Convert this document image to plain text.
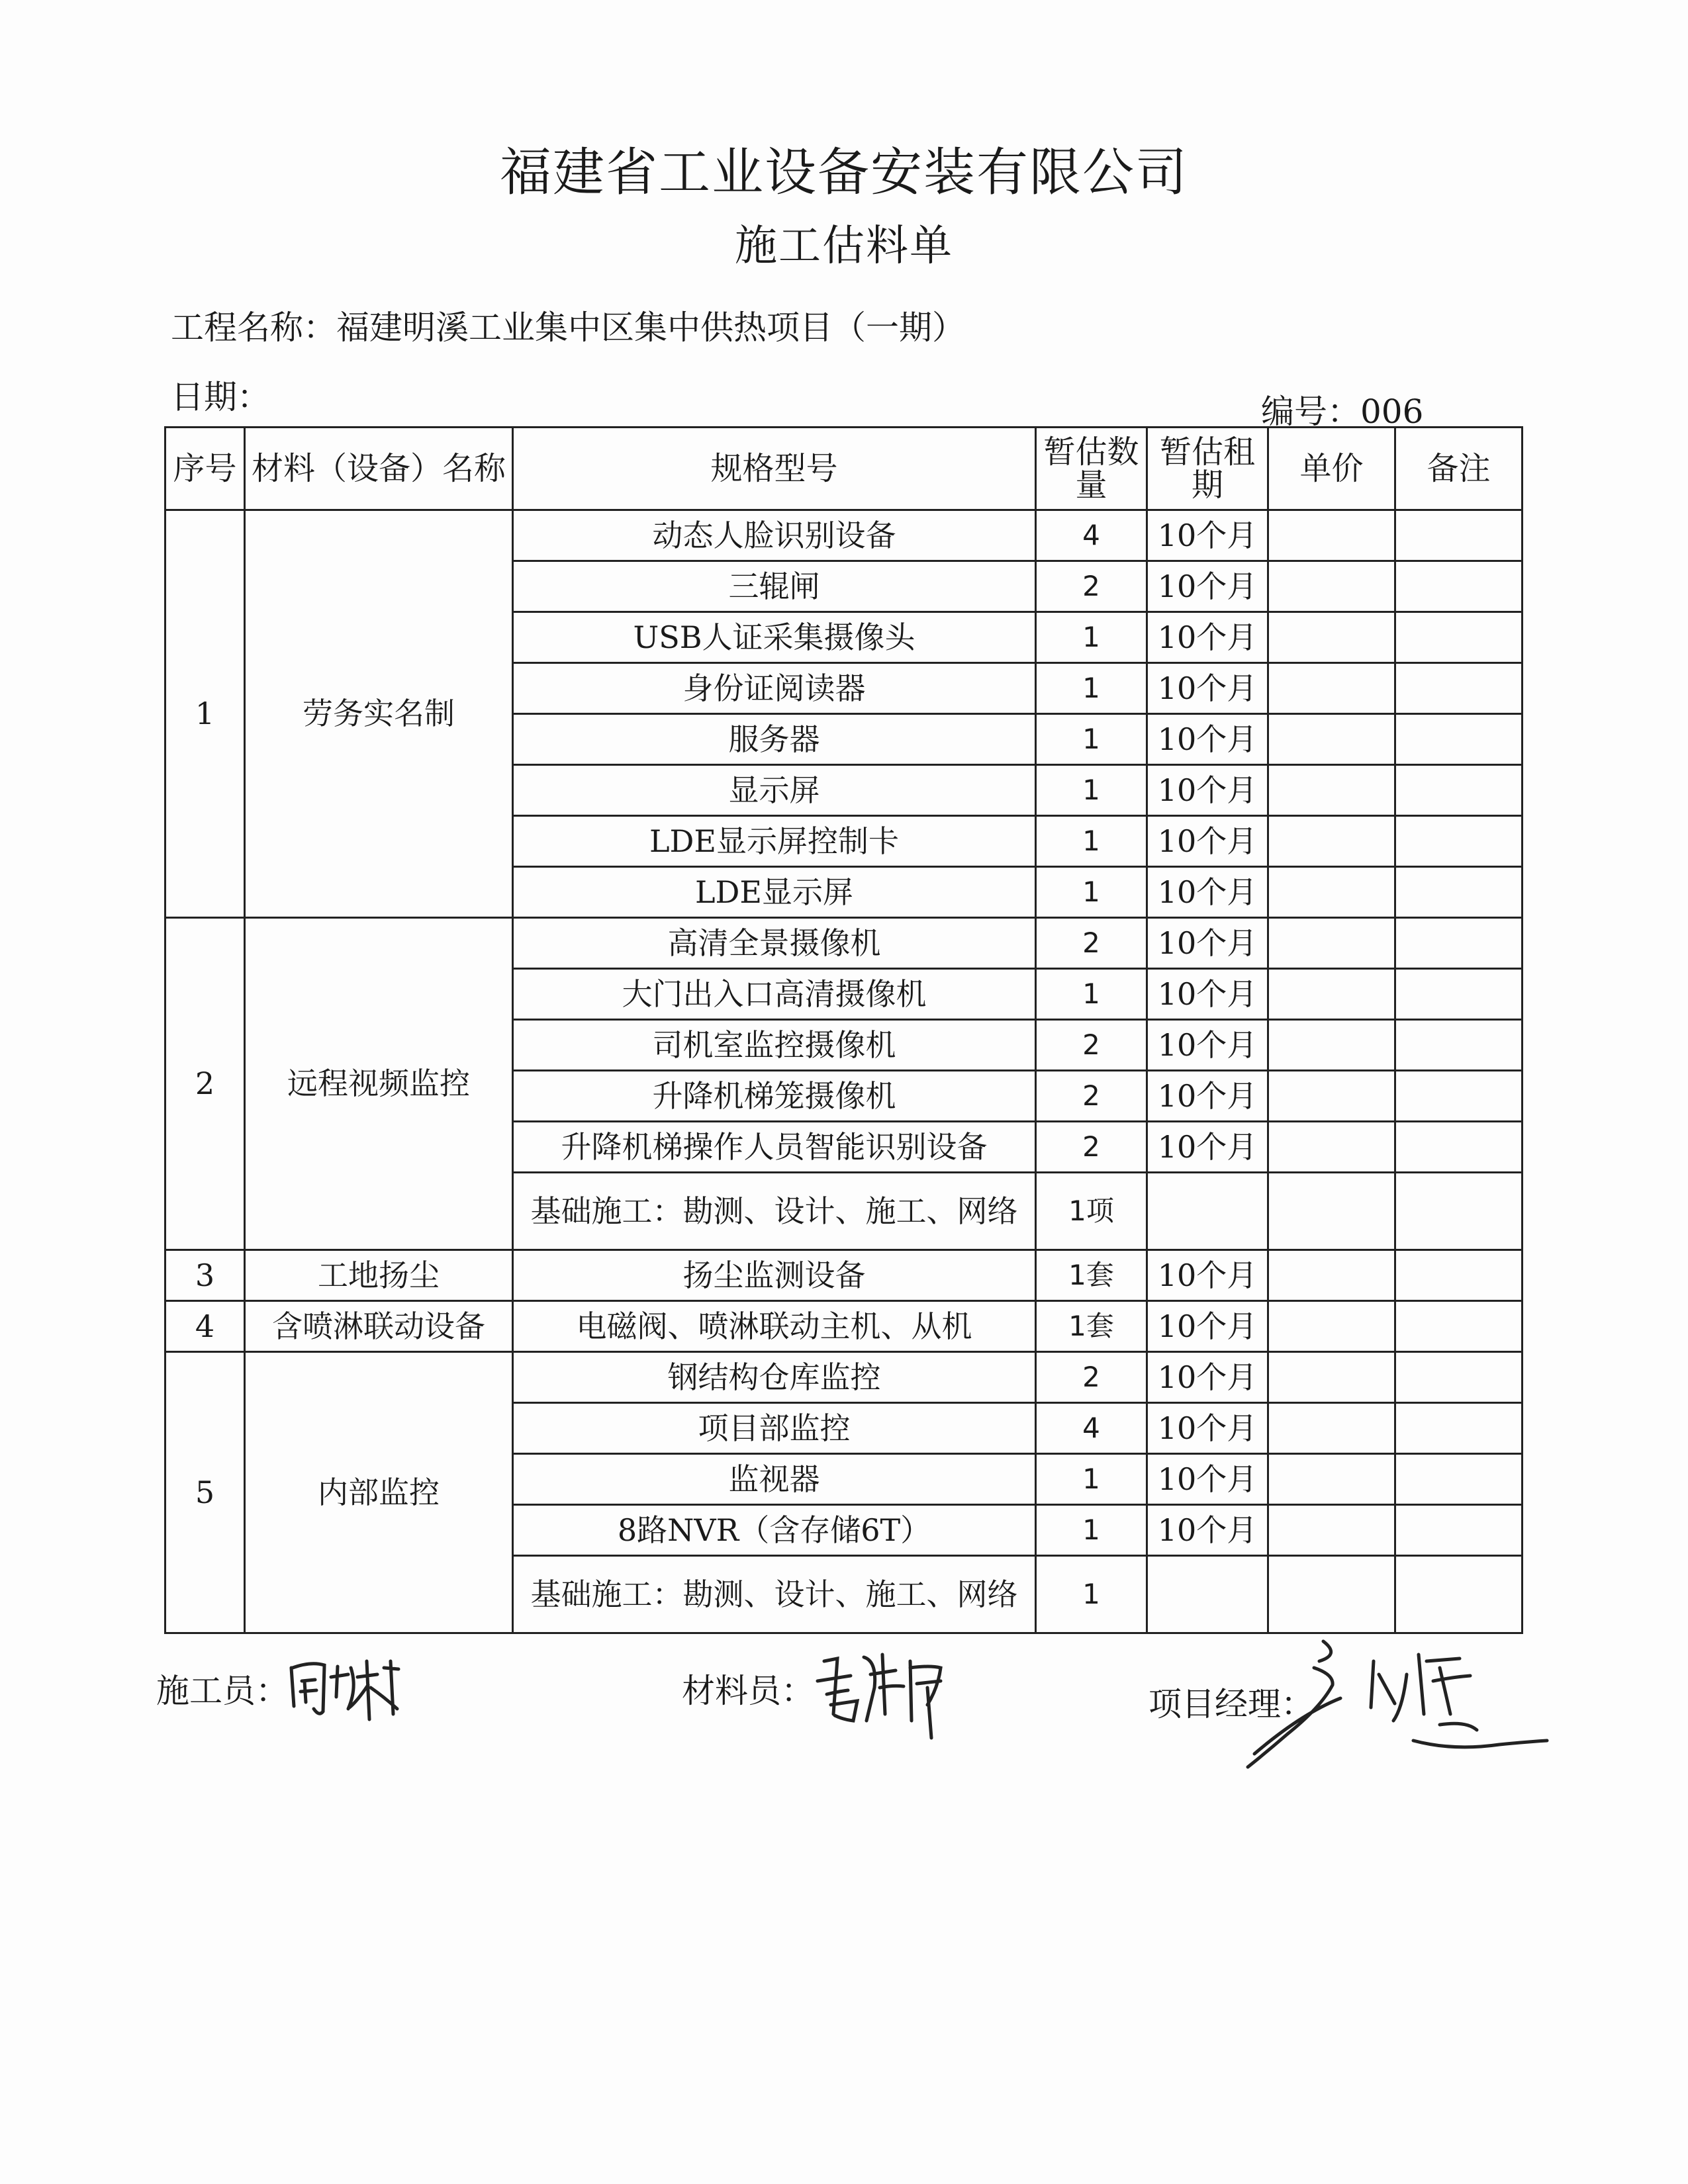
福建省工业设备安装有限公司
施工估料单
工程名称：福建明溪工业集中区集中供热项目（一期）
日期：	编号：006
序号	材料（设备）名称	规格型号	暂估数量	暂估租期	单价	备注
1	劳务实名制	动态人脸识别设备	4	10个月		
		三辊闸	2	10个月		
		USB人证采集摄像头	1	10个月		
		身份证阅读器	1	10个月		
		服务器	1	10个月		
		显示屏	1	10个月		
		LDE显示屏控制卡	1	10个月		
		LDE显示屏	1	10个月		
2	远程视频监控	高清全景摄像机	2	10个月		
		大门出入口高清摄像机	1	10个月		
		司机室监控摄像机	2	10个月		
		升降机梯笼摄像机	2	10个月		
		升降机梯操作人员智能识别设备	2	10个月		
		基础施工：勘测、设计、施工、网络	1项			
3	工地扬尘	扬尘监测设备	1套	10个月		
4	含喷淋联动设备	电磁阀、喷淋联动主机、从机	1套	10个月		
5	内部监控	钢结构仓库监控	2	10个月		
		项目部监控	4	10个月		
		监视器	1	10个月		
		8路NVR（含存储6T）	1	10个月		
		基础施工：勘测、设计、施工、网络	1			
施工员：	材料员：	项目经理：
